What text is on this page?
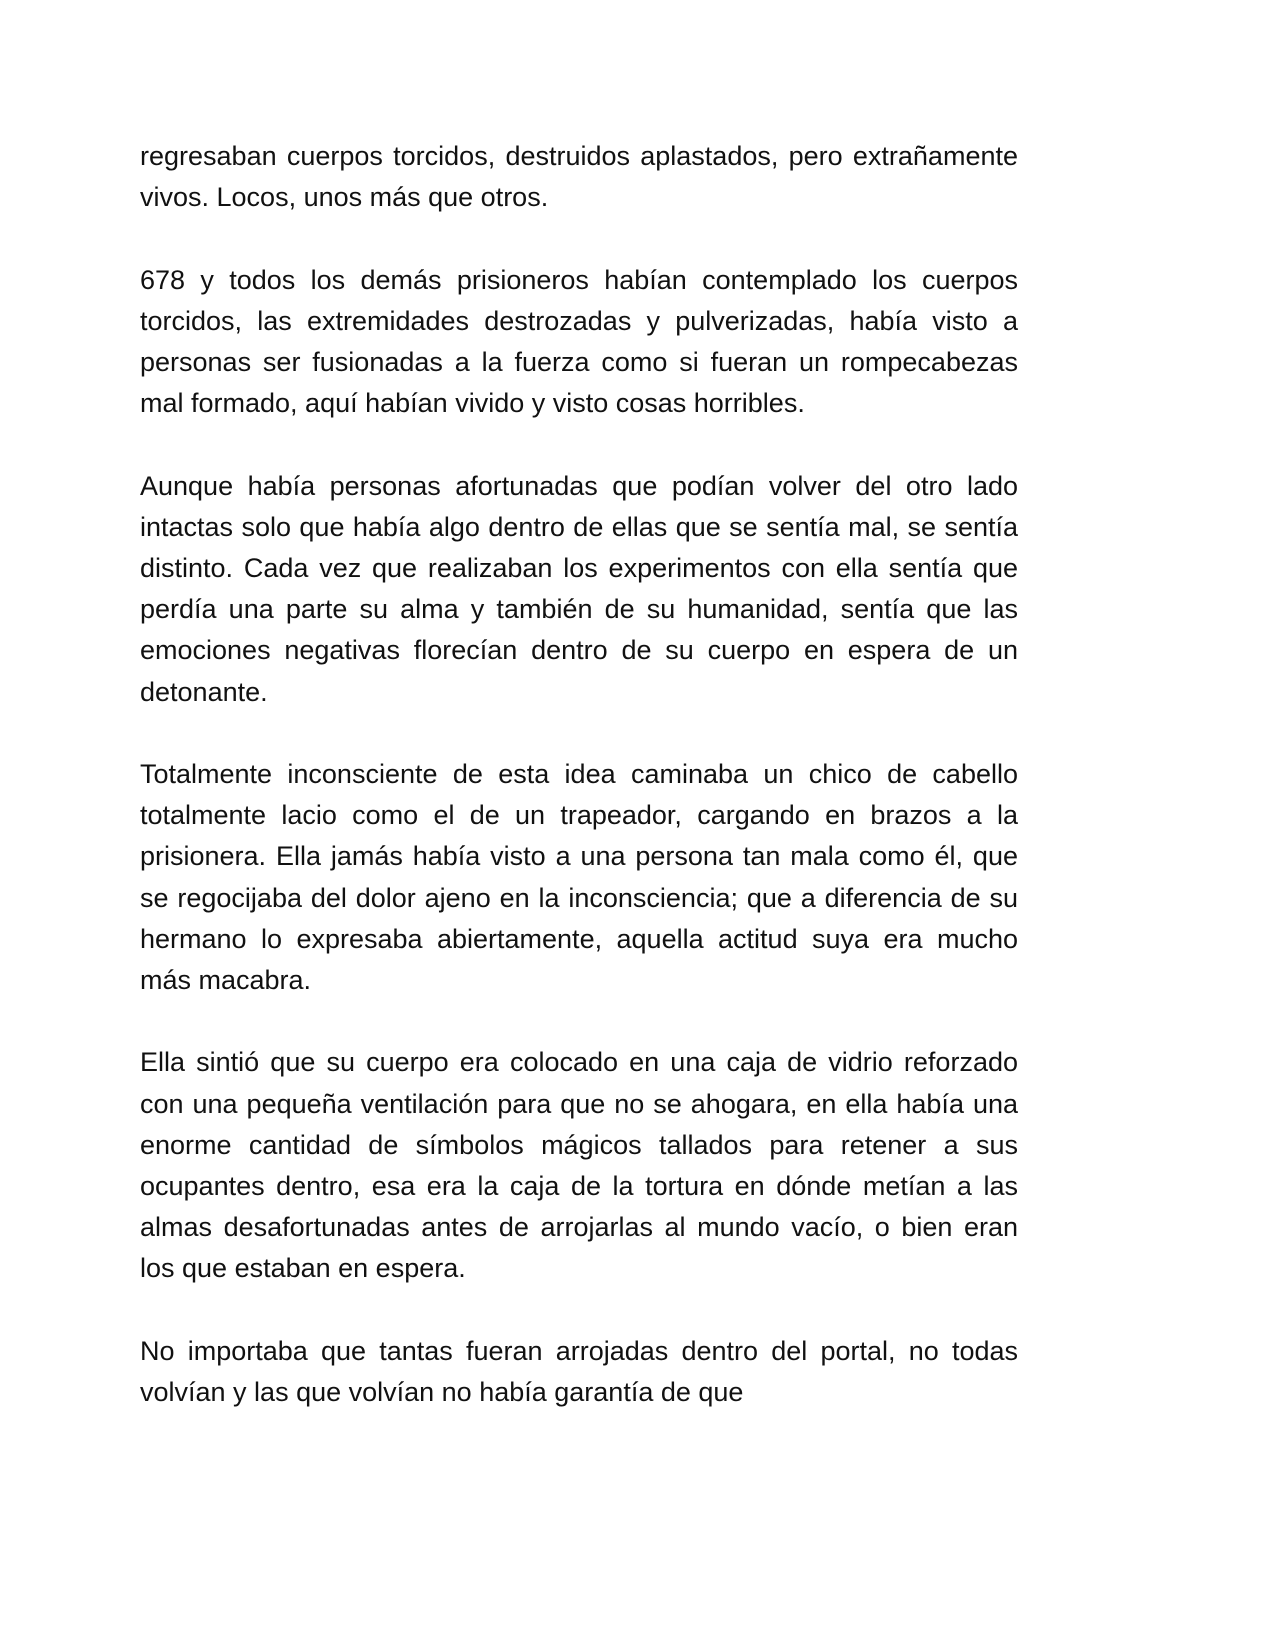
regresaban cuerpos torcidos, destruidos aplastados, pero extrañamente vivos. Locos, unos más que otros.

678 y todos los demás prisioneros habían contemplado los cuerpos torcidos, las extremidades destrozadas y pulverizadas, había visto a personas ser fusionadas a la fuerza como si fueran un rompecabezas mal formado, aquí habían vivido y visto cosas horribles.

Aunque había personas afortunadas que podían volver del otro lado intactas solo que había algo dentro de ellas que se sentía mal, se sentía distinto. Cada vez que realizaban los experimentos con ella sentía que perdía una parte su alma y también de su humanidad, sentía que las emociones negativas florecían dentro de su cuerpo en espera de un detonante.

Totalmente inconsciente de esta idea caminaba un chico de cabello totalmente lacio como el de un trapeador, cargando en brazos a la prisionera. Ella jamás había visto a una persona tan mala como él, que se regocijaba del dolor ajeno en la inconsciencia; que a diferencia de su hermano lo expresaba abiertamente, aquella actitud suya era mucho más macabra.

Ella sintió que su cuerpo era colocado en una caja de vidrio reforzado con una pequeña ventilación para que no se ahogara, en ella había una enorme cantidad de símbolos mágicos tallados para retener a sus ocupantes dentro, esa era la caja de la tortura en dónde metían a las almas desafortunadas antes de arrojarlas al mundo vacío, o bien eran los que estaban en espera.

No importaba que tantas fueran arrojadas dentro del portal, no todas volvían y las que volvían no había garantía de que
